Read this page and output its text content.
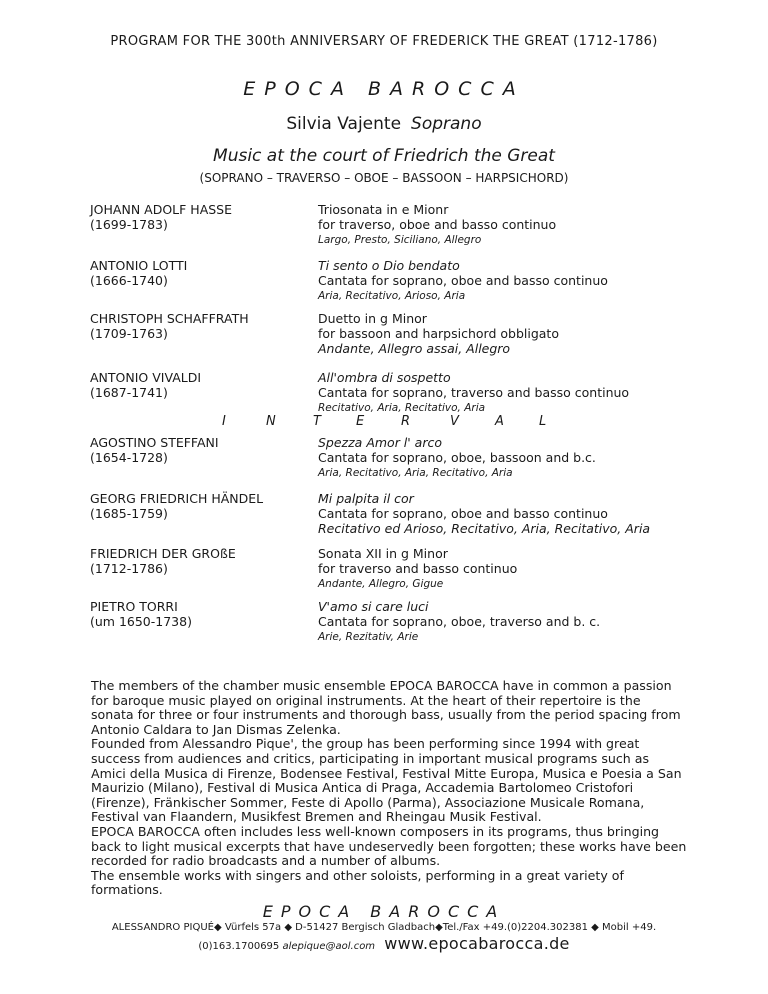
PROGRAM FOR THE 300th ANNIVERSARY OF FREDERICK THE GREAT (1712-1786)
EPOCA BAROCCA
Silvia Vajente Soprano
Music at the court of Friedrich the Great
(SOPRANO – TRAVERSO – OBOE – BASSOON – HARPSICHORD)
JOHANN ADOLF HASSE
(1699-1783)
Triosonata in e Mionr
for traverso, oboe and basso continuo
Largo, Presto, Siciliano, Allegro
ANTONIO LOTTI
(1666-1740)
Ti sento o Dio bendato
Cantata for soprano, oboe and basso continuo
Aria, Recitativo, Arioso, Aria
CHRISTOPH SCHAFFRATH
(1709-1763)
Duetto in g Minor
for bassoon and harpsichord obbligato
Andante, Allegro assai, Allegro
ANTONIO VIVALDI
(1687-1741)
All'ombra di sospetto
Cantata for soprano, traverso and basso continuo
Recitativo, Aria, Recitativo, Aria
AGOSTINO STEFFANI
(1654-1728)
Spezza Amor l' arco
Cantata for soprano, oboe, bassoon and b.c.
Aria, Recitativo, Aria, Recitativo, Aria
GEORG FRIEDRICH HÄNDEL
(1685-1759)
Mi palpita il cor
Cantata for soprano, oboe and basso continuo
Recitativo ed Arioso, Recitativo, Aria, Recitativo, Aria
FRIEDRICH DER GROßE
(1712-1786)
Sonata XII in g Minor
for traverso and basso continuo
Andante, Allegro, Gigue
PIETRO TORRI
(um 1650-1738)
V'amo si care luci
Cantata for soprano, oboe, traverso and b. c.
Arie, Rezitativ, Arie
I	N	T	E	R	V	A	L

The members of the chamber music ensemble EPOCA BAROCCA have in common a passion for baroque music played on original instruments. At the heart of their repertoire is the sonata for three or four instruments and thorough bass, usually from the period spacing from Antonio Caldara to Jan Dismas Zelenka.

Founded from Alessandro Pique', the group has been performing since 1994 with great success from audiences and critics, participating in important musical programs such as Amici della Musica di Firenze, Bodensee Festival, Festival Mitte Europa, Musica e Poesia a San Maurizio (Milano), Festival di Musica Antica di Praga, Accademia Bartolomeo Cristofori (Firenze), Fränkischer Sommer, Feste di Apollo (Parma), Associazione Musicale Romana, Festival van Flaandern, Musikfest Bremen and Rheingau Musik Festival.

EPOCA BAROCCA often includes less well-known composers in its programs, thus bringing back to light musical excerpts that have undeservedly been forgotten; these works have been recorded for radio broadcasts and a number of albums.

The ensemble works with singers and other soloists, performing in a great variety of formations.

EPOCA BAROCCA
ALESSANDRO PIQUÉ◆ Vürfels 57a ◆ D-51427 Bergisch Gladbach◆Tel./Fax +49.(0)2204.302381 ◆ Mobil +49.
(0)163.1700695 alepique@aol.com www.epocabarocca.de
